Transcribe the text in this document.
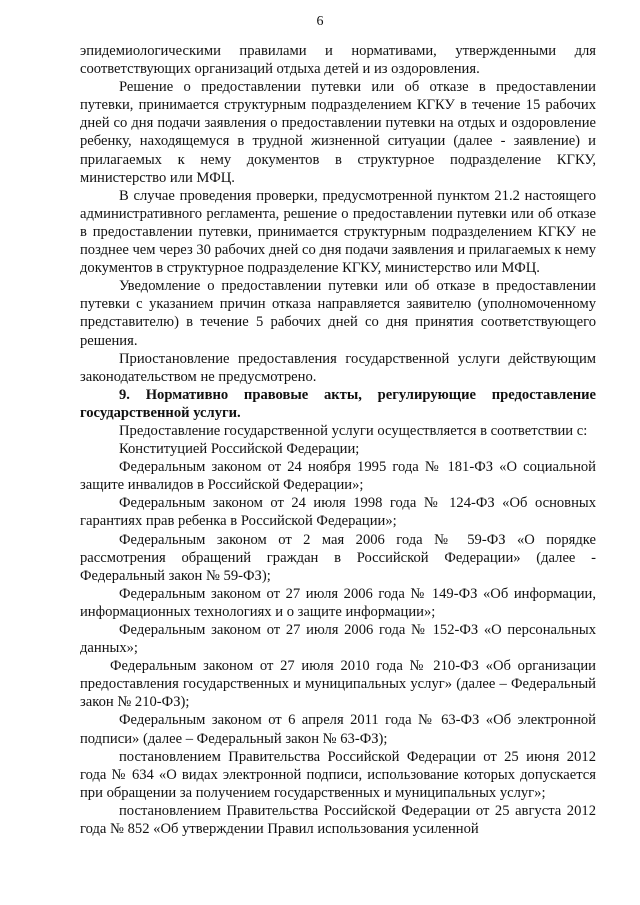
6

эпидемиологическими правилами и нормативами, утвержденными для соответствующих организаций отдыха детей и из оздоровления.

Решение о предоставлении путевки или об отказе в предоставлении путевки, принимается структурным подразделением КГКУ в течение 15 рабочих дней со дня подачи заявления о предоставлении путевки на отдых и оздоровление ребенку, находящемуся в трудной жизненной ситуации (далее - заявление) и прилагаемых к нему документов в структурное подразделение КГКУ, министерство или МФЦ.

В случае проведения проверки, предусмотренной пунктом 21.2 настоящего административного регламента, решение о предоставлении путевки или об отказе в предоставлении путевки, принимается структурным подразделением КГКУ не позднее чем через 30 рабочих дней со дня подачи заявления и прилагаемых к нему документов в структурное подразделение КГКУ, министерство или МФЦ.

Уведомление о предоставлении путевки или об отказе в предоставлении путевки с указанием причин отказа направляется заявителю (уполномоченному представителю) в течение 5 рабочих дней со дня принятия соответствующего решения.

Приостановление предоставления государственной услуги действующим законодательством не предусмотрено.

9. Нормативно правовые акты, регулирующие предоставление государственной услуги.

Предоставление государственной услуги осуществляется в соответствии с:

Конституцией Российской Федерации;

Федеральным законом от 24 ноября 1995 года № 181-ФЗ «О социальной защите инвалидов в Российской Федерации»;

Федеральным законом от 24 июля 1998 года № 124-ФЗ «Об основных гарантиях прав ребенка в Российской Федерации»;

Федеральным законом от 2 мая 2006 года № 59-ФЗ «О порядке рассмотрения обращений граждан в Российской Федерации» (далее - Федеральный закон № 59-ФЗ);

Федеральным законом от 27 июля 2006 года № 149-ФЗ «Об информации, информационных технологиях и о защите информации»;

Федеральным законом от 27 июля 2006 года № 152-ФЗ «О персональных данных»;

Федеральным законом от 27 июля 2010 года № 210-ФЗ «Об организации предоставления государственных и муниципальных услуг» (далее – Федеральный закон № 210-ФЗ);

Федеральным законом от 6 апреля 2011 года № 63-ФЗ «Об электронной подписи» (далее – Федеральный закон № 63-ФЗ);

постановлением Правительства Российской Федерации от 25 июня 2012 года № 634 «О видах электронной подписи, использование которых допускается при обращении за получением государственных и муниципальных услуг»;

постановлением Правительства Российской Федерации от 25 августа 2012 года № 852 «Об утверждении Правил использования усиленной
